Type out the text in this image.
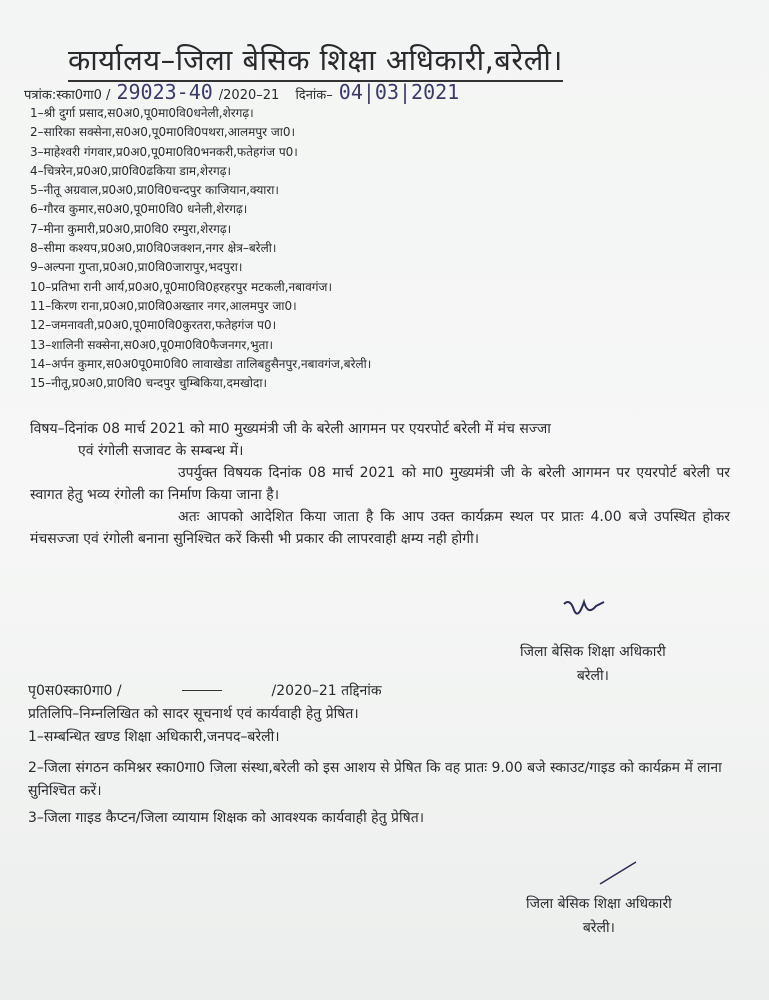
कार्यालय–जिला बेसिक शिक्षा अधिकारी,बरेली।
पत्रांक:स्का0गा0 / 29023-40 /2020–21 दिनांक– 04|03|2021
1–श्री दुर्गा प्रसाद,स0अ0,पू0मा0वि0धनेली,शेरगढ़।
2–सारिका सक्सेना,स0अ0,पू0मा0वि0पथरा,आलमपुर जा0।
3–माहेश्वरी गंगवार,प्र0अ0,पू0मा0वि0भनकरी,फतेहगंज प0।
4–चित्ररेन,प्र0अ0,प्रा0वि0ढकिया डाम,शेरगढ़।
5–नीतू अग्रवाल,प्र0अ0,प्रा0वि0चन्दपुर काजियान,क्यारा।
6–गौरव कुमार,स0अ0,पू0मा0वि0 धनेली,शेरगढ़।
7–मीना कुमारी,प्र0अ0,प्रा0वि0 रम्पुरा,शेरगढ़।
8–सीमा कश्यप,प्र0अ0,प्रा0वि0जक्शन,नगर क्षेत्र–बरेली।
9–अल्पना गुप्ता,प्र0अ0,प्रा0वि0जारापुर,भदपुरा।
10–प्रतिभा रानी आर्य,प्र0अ0,पू0मा0वि0हरहरपुर मटकली,नबावगंज।
11–किरण राना,प्र0अ0,प्रा0वि0अख्तार नगर,आलमपुर जा0।
12–जमनावती,प्र0अ0,पू0मा0वि0कुरतरा,फतेहगंज प0।
13–शालिनी सक्सेना,स0अ0,पू0मा0वि0फैजनगर,भुता।
14–अर्पन कुमार,स0अ0पू0मा0वि0 लावाखेडा तालिबहुसैनपुर,नबावगंज,बरेली।
15–नीतू,प्र0अ0,प्रा0वि0 चन्दपुर चुम्बिकिया,दमखोदा।
विषय–दिनांक 08 मार्च 2021 को मा0 मुख्यमंत्री जी के बरेली आगमन पर एयरपोर्ट बरेली में मंच सज्जा
एवं रंगोली सजावट के सम्बन्ध में।
उपर्युक्त विषयक दिनांक 08 मार्च 2021 को मा0 मुख्यमंत्री जी के बरेली आगमन पर एयरपोर्ट बरेली पर स्वागत हेतु भव्य रंगोली का निर्माण किया जाना है।
अतः आपको आदेशित किया जाता है कि आप उक्त कार्यक्रम स्थल पर प्रातः 4.00 बजे उपस्थित होकर मंचसज्जा एवं रंगोली बनाना सुनिश्चित करें किसी भी प्रकार की लापरवाही क्षम्य नही होगी।
जिला बेसिक शिक्षा अधिकारी
बरेली।
पृ0स0स्का0गा0 /	/2020–21 तद्दिनांक
प्रतिलिपि–निम्नलिखित को सादर सूचनार्थ एवं कार्यवाही हेतु प्रेषित।
1–सम्बन्धित खण्ड शिक्षा अधिकारी,जनपद–बरेली।
2–जिला संगठन कमिश्नर स्का0गा0 जिला संस्था,बरेली को इस आशय से प्रेषित कि वह प्रातः 9.00 बजे स्काउट/गाइड को कार्यक्रम में लाना सुनिश्चित करें।
3–जिला गाइड कैप्टन/जिला व्यायाम शिक्षक को आवश्यक कार्यवाही हेतु प्रेषित।
जिला बेसिक शिक्षा अधिकारी
बरेली।
